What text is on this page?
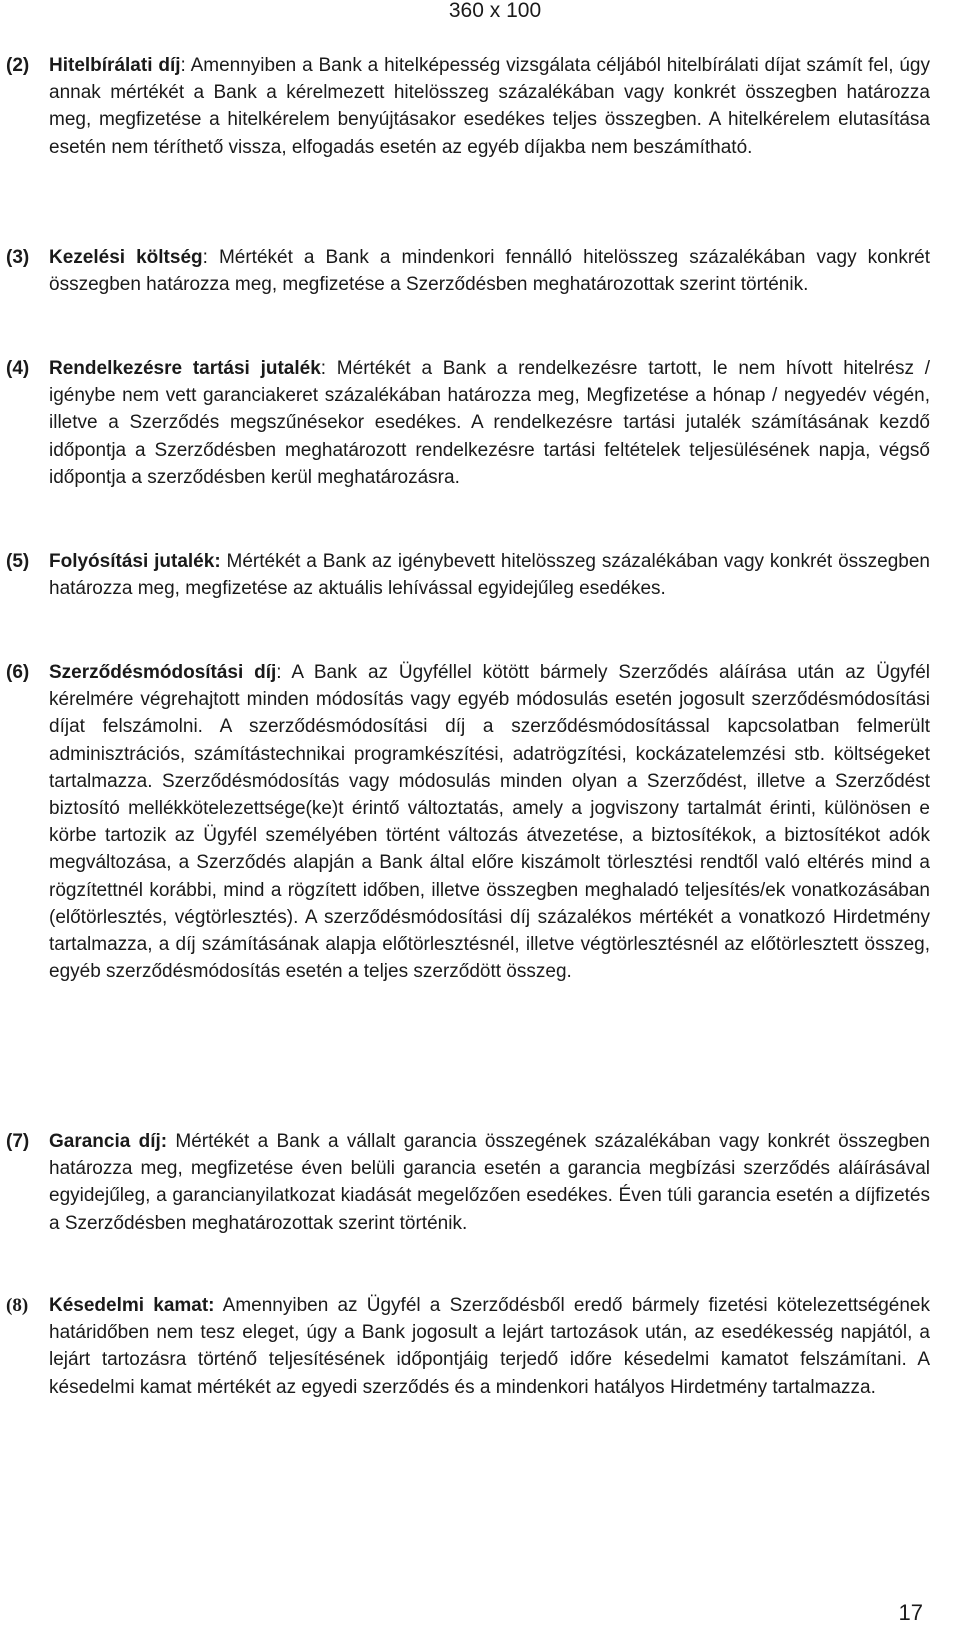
360 x 100
(2)	Hitelbírálati díj: Amennyiben a Bank a hitelképesség vizsgálata céljából hitelbírálati díjat számít fel, úgy annak mértékét a Bank a kérelmezett hitelösszeg százalékában vagy konkrét összegben határozza meg, megfizetése a hitelkérelem benyújtásakor esedékes teljes összegben. A hitelkérelem elutasítása esetén nem téríthető vissza, elfogadás esetén az egyéb díjakba nem beszámítható.
(3)	Kezelési költség: Mértékét a Bank a mindenkori fennálló hitelösszeg százalékában vagy konkrét összegben határozza meg, megfizetése a Szerződésben meghatározottak szerint történik.
(4)	Rendelkezésre tartási jutalék: Mértékét a Bank a rendelkezésre tartott, le nem hívott hitelrész / igénybe nem vett garanciakeret százalékában határozza meg, Megfizetése a hónap / negyedév végén, illetve a Szerződés megszűnésekor esedékes. A rendelkezésre tartási jutalék számításának kezdő időpontja a Szerződésben meghatározott rendelkezésre tartási feltételek teljesülésének napja, végső időpontja a szerződésben kerül meghatározásra.
(5)	Folyósítási jutalék: Mértékét a Bank az igénybevett hitelösszeg százalékában vagy konkrét összegben határozza meg, megfizetése az aktuális lehívással egyidejűleg esedékes.
(6)	Szerződésmódosítási díj: A Bank az Ügyféllel kötött bármely Szerződés aláírása után az Ügyfél kérelmére végrehajtott minden módosítás vagy egyéb módosulás esetén jogosult szerződésmódosítási díjat felszámolni. A szerződésmódosítási díj a szerződésmódosítással kapcsolatban felmerült adminisztrációs, számítástechnikai programkészítési, adatrögzítési, kockázatelemzési stb. költségeket tartalmazza. Szerződésmódosítás vagy módosulás minden olyan a Szerződést, illetve a Szerződést biztosító mellékkötelezettsége(ke)t érintő változtatás, amely a jogviszony tartalmát érinti, különösen e körbe tartozik az Ügyfél személyében történt változás átvezetése, a biztosítékok, a biztosítékot adók megváltozása, a Szerződés alapján a Bank által előre kiszámolt törlesztési rendtől való eltérés mind a rögzítettnél korábbi, mind a rögzített időben, illetve összegben meghaladó teljesítés/ek vonatkozásában (előtörlesztés, végtörlesztés). A szerződésmódosítási díj százalékos mértékét a vonatkozó Hirdetmény tartalmazza, a díj számításának alapja előtörlesztésnél, illetve végtörlesztésnél az előtörlesztett összeg, egyéb szerződésmódosítás esetén a teljes szerződött összeg.
(7)	Garancia díj: Mértékét a Bank a vállalt garancia összegének százalékában vagy konkrét összegben határozza meg, megfizetése éven belüli garancia esetén a garancia megbízási szerződés aláírásával egyidejűleg, a garancianyilatkozat kiadását megelőzően esedékes. Éven túli garancia esetén a díjfizetés a Szerződésben meghatározottak szerint történik.
(8)	Késedelmi kamat: Amennyiben az Ügyfél a Szerződésből eredő bármely fizetési kötelezettségének határidőben nem tesz eleget, úgy a Bank jogosult a lejárt tartozások után, az esedékesség napjától, a lejárt tartozásra történő teljesítésének időpontjáig terjedő időre késedelmi kamatot felszámítani. A késedelmi kamat mértékét az egyedi szerződés és a mindenkori hatályos Hirdetmény tartalmazza.
17
